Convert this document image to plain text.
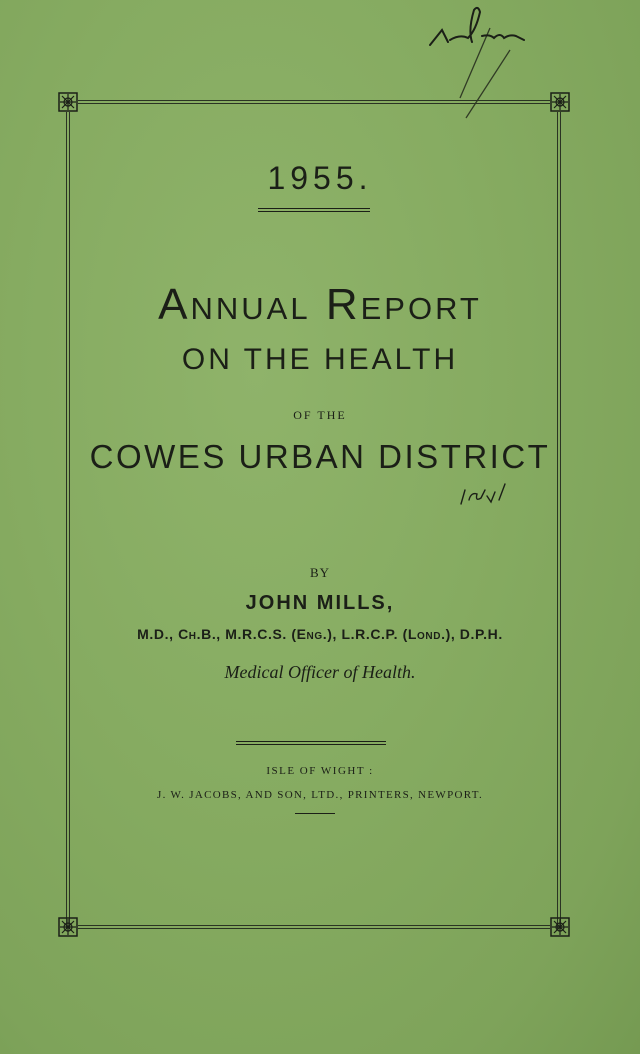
1955.
Annual Report
ON THE HEALTH
OF THE
COWES URBAN DISTRICT
BY
JOHN MILLS,
M.D., Ch.B., M.R.C.S. (Eng.), L.R.C.P. (Lond.), D.P.H.
Medical Officer of Health.
ISLE OF WIGHT :
J. W. JACOBS, AND SON, LTD., PRINTERS, NEWPORT.
